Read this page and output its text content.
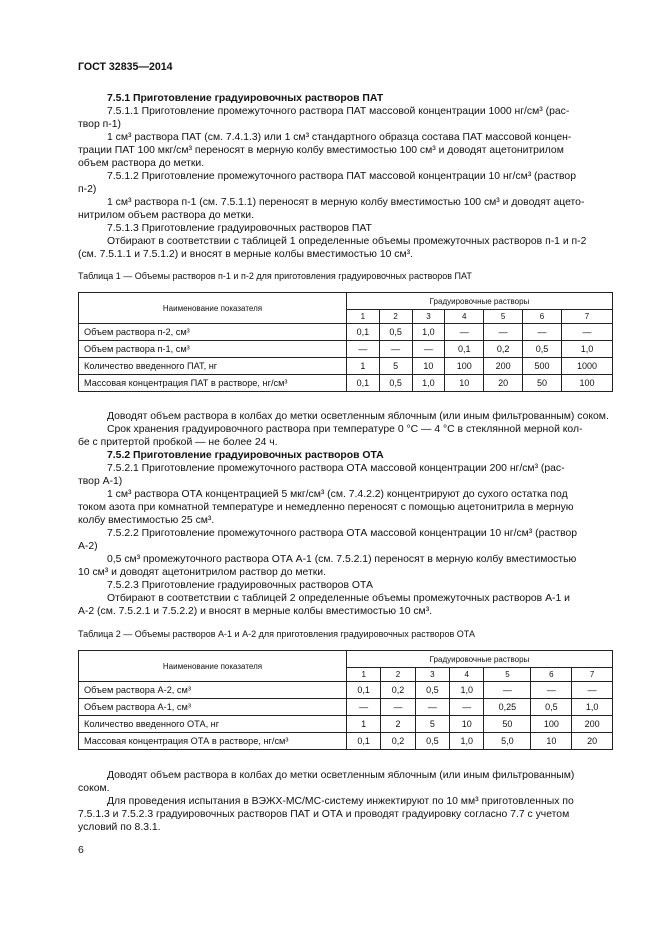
ГОСТ 32835—2014
7.5.1 Приготовление градуировочных растворов ПАТ
7.5.1.1 Приготовление промежуточного раствора ПАТ массовой концентрации 1000 нг/см³ (рас-
твор п-1)
1 см³ раствора ПАТ (см. 7.4.1.3) или 1 см³ стандартного образца состава ПАТ массовой концен-
трации ПАТ 100 мкг/см³ переносят в мерную колбу вместимостью 100 см³ и доводят ацетонитрилом
объем раствора до метки.
7.5.1.2 Приготовление промежуточного раствора ПАТ массовой концентрации 10 нг/см³ (раствор
п-2)
1 см³ раствора п-1 (см. 7.5.1.1) переносят в мерную колбу вместимостью 100 см³ и доводят ацето-
нитрилом объем раствора до метки.
7.5.1.3 Приготовление градуировочных растворов ПАТ
Отбирают в соответствии с таблицей 1 определенные объемы промежуточных растворов п-1 и п-2
(см. 7.5.1.1 и 7.5.1.2) и вносят в мерные колбы вместимостью 10 см³.
Таблица 1 — Объемы растворов п-1 и п-2 для приготовления градуировочных растворов ПАТ
Наименование показателя	Градуировочные растворы						
	1	2	3	4	5	6	7
Объем раствора п-2, см³	0,1	0,5	1,0	—	—	—	—
Объем раствора п-1, см³	—	—	—	0,1	0,2	0,5	1,0
Количество введенного ПАТ, нг	1	5	10	100	200	500	1000
Массовая концентрация ПАТ в растворе, нг/см³	0,1	0,5	1,0	10	20	50	100
Доводят объем раствора в колбах до метки осветленным яблочным (или иным фильтрованным) соком.
Срок хранения градуировочного раствора при температуре 0 °С — 4 °С в стеклянной мерной кол-
бе с притертой пробкой — не более 24 ч.
7.5.2 Приготовление градуировочных растворов ОТА
7.5.2.1 Приготовление промежуточного раствора ОТА массовой концентрации 200 нг/см³ (рас-
твор А-1)
1 см³ раствора ОТА концентрацией 5 мкг/см³ (см. 7.4.2.2) концентрируют до сухого остатка под
током азота при комнатной температуре и немедленно переносят с помощью ацетонитрила в мерную
колбу вместимостью 25 см³.
7.5.2.2 Приготовление промежуточного раствора ОТА массовой концентрации 10 нг/см³ (раствор
А-2)
0,5 см³ промежуточного раствора ОТА А-1 (см. 7.5.2.1) переносят в мерную колбу вместимостью
10 см³ и доводят ацетонитрилом раствор до метки.
7.5.2.3 Приготовление градуировочных растворов ОТА
Отбирают в соответствии с таблицей 2 определенные объемы промежуточных растворов А-1 и
А-2 (см. 7.5.2.1 и 7.5.2.2) и вносят в мерные колбы вместимостью 10 см³.
Таблица 2 — Объемы растворов А-1 и А-2 для приготовления градуировочных растворов ОТА
Наименование показателя	Градуировочные растворы						
	1	2	3	4	5	6	7
Объем раствора А-2, см³	0,1	0,2	0,5	1,0	—	—	—
Объем раствора А-1, см³	—	—	—	—	0,25	0,5	1,0
Количество введенного ОТА, нг	1	2	5	10	50	100	200
Массовая концентрация ОТА в растворе, нг/см³	0,1	0,2	0,5	1,0	5,0	10	20
Доводят объем раствора в колбах до метки осветленным яблочным (или иным фильтрованным)
соком.
Для проведения испытания в ВЭЖХ-МС/МС-систему инжектируют по 10 мм³ приготовленных по
7.5.1.3 и 7.5.2.3 градуировочных растворов ПАТ и ОТА и проводят градуировку согласно 7.7 с учетом
условий по 8.3.1.
6
